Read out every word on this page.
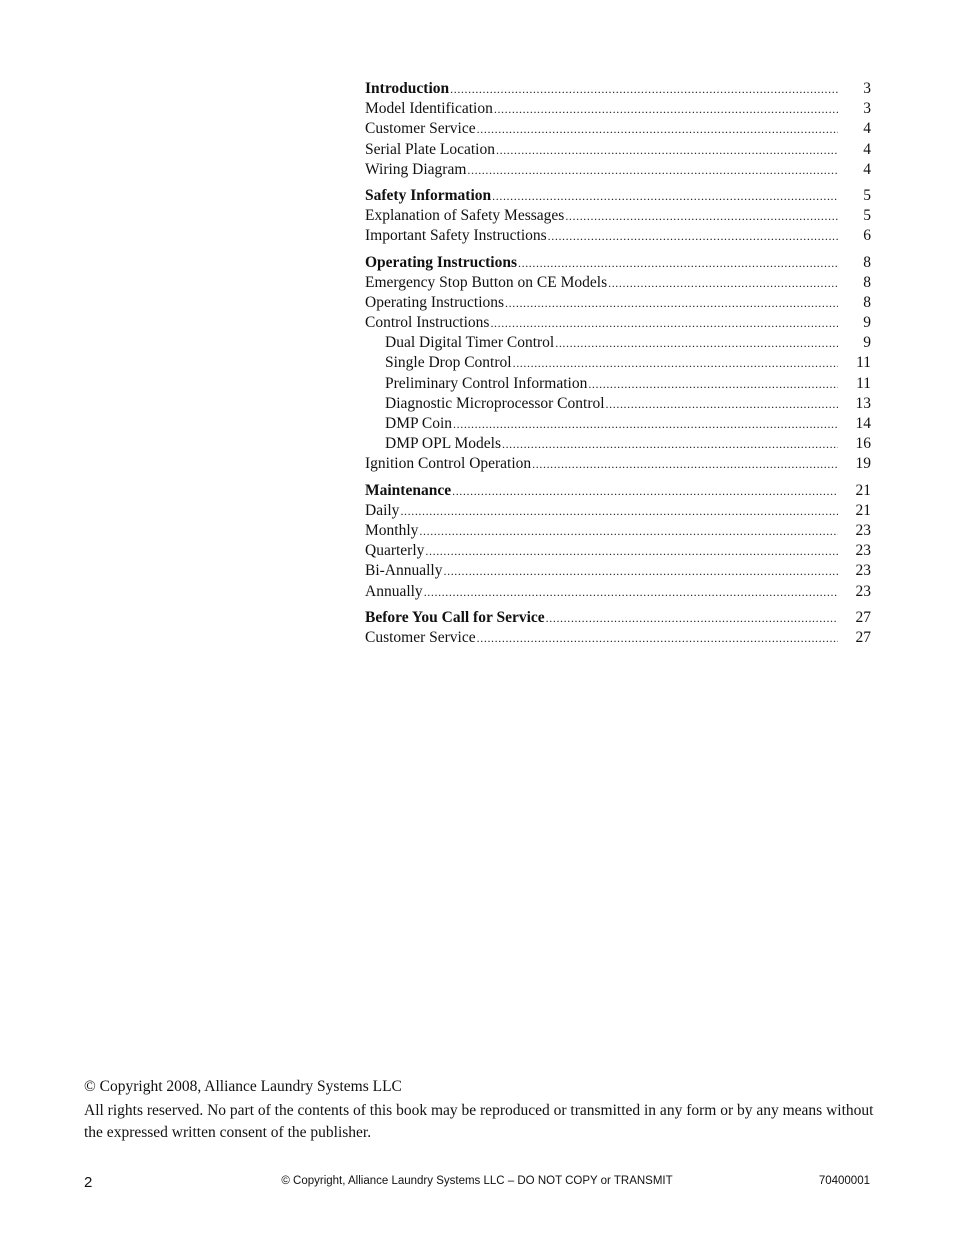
Introduction .....	3
Model Identification .....	3
Customer Service .....	4
Serial Plate Location .....	4
Wiring Diagram .....	4
Safety Information .....	5
Explanation of Safety Messages .....	5
Important Safety Instructions .....	6
Operating Instructions .....	8
Emergency Stop Button on CE Models .....	8
Operating Instructions .....	8
Control Instructions .....	9
Dual Digital Timer Control .....	9
Single Drop Control .....	11
Preliminary Control Information .....	11
Diagnostic Microprocessor Control .....	13
DMP Coin .....	14
DMP OPL Models .....	16
Ignition Control Operation .....	19
Maintenance .....	21
Daily .....	21
Monthly .....	23
Quarterly .....	23
Bi-Annually .....	23
Annually .....	23
Before You Call for Service .....	27
Customer Service .....	27

© Copyright 2008, Alliance Laundry Systems LLC

All rights reserved. No part of the contents of this book may be reproduced or transmitted in any form or by any means without the expressed written consent of the publisher.

2	© Copyright, Alliance Laundry Systems LLC – DO NOT COPY or TRANSMIT	70400001
